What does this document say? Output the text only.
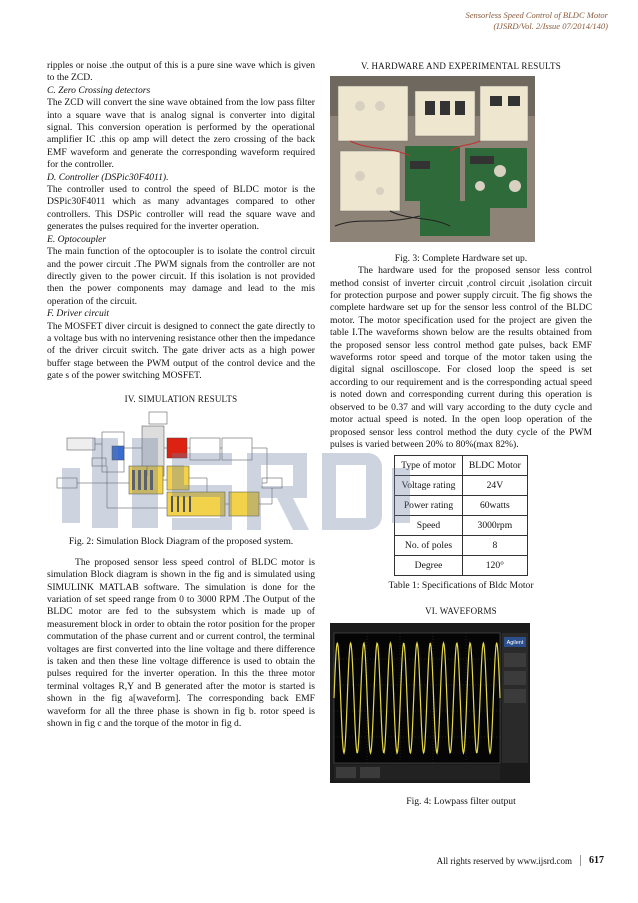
Sensorless Speed Control of BLDC Motor
(IJSRD/Vol. 2/Issue 07/2014/140)

ripples or noise .the output of this is a pure sine wave which is given to the ZCD.

C. Zero Crossing detectors

The ZCD will convert the sine wave obtained from the low pass filter into a square wave that is analog signal is converter into digital signal. This conversion operation is performed by the operational amplifier IC .this op amp will detect the zero crossing of the back EMF waveform and generate the corresponding waveform required for the controller.

D. Controller (DSPic30F4011).

The controller used to control the speed of BLDC motor is the DSPic30F4011 which as many advantages compared to other controllers. This DSPic controller will read the square wave and generates the pulses required for the inverter operation.

E. Optocoupler

The main function of the optocoupler is to isolate the control circuit and the power circuit .The PWM signals from the controller are not directly given to the power circuit. If this isolation is not provided then the power components may damage and lead to the mis operation of the circuit.

F. Driver circuit

The MOSFET diver circuit is designed to connect the gate directly to a voltage bus with no intervening resistance other then the impedance of the driver circuit switch. The gate driver acts as a high power buffer stage between the PWM output of the control device and the gate s of the power switching MOSFET.

IV. SIMULATION RESULTS

Fig. 2: Simulation Block Diagram of the proposed system.

The proposed sensor less speed control of BLDC motor is simulation Block diagram is shown in the fig and is simulated using SIMULINK MATLAB software. The simulation is done for the variation of set speed range from 0 to 3000 RPM .The Output of the BLDC motor are fed to the subsystem which is made up of measurement block in order to obtain the rotor position for the proper commutation of the phase current and or current control, the terminal voltages are first converted into the line voltage and there difference is taken and then these line voltage difference is used to obtain the pulses required for the inverter operation. In this the three motor terminal voltages R,Y and B generated after the motor is started is shown in the fig a[waveform]. The corresponding back EMF waveform for all the three phase is shown in fig b. rotor speed is shown in fig c and the torque of the motor in fig d.

V. HARDWARE AND EXPERIMENTAL RESULTS

Fig. 3: Complete Hardware set up.

The hardware used for the proposed sensor less control method consist of inverter circuit ,control circuit ,isolation circuit for protection purpose and power supply circuit. The fig shows the complete hardware set up for the sensor less control of the BLDC motor. The motor specification used for the project are given the table I.The waveforms shown below are the results obtained from the proposed sensor less control method gate pulses, back EMF waveforms rotor speed and torque of the motor taken using the digital signal oscilloscope. For closed loop the speed is set according to our requirement and is the corresponding actual speed is noted down and corresponding current during this operation is observed to be 0.37 and will vary according to the duty cycle and motor actual speed is noted. In the open loop operation of the proposed sensor less control method the duty cycle of the PWM pulses is varied between 20% to 80%(max 82%).

Type of motor	BLDC Motor
Voltage rating	24V
Power rating	60watts
Speed	3000rpm
No. of poles	8
Degree	120°

Table 1: Specifications of Bldc Motor

VI. WAVEFORMS

Agilent

Fig. 4: Lowpass filter output

All rights reserved by www.ijsrd.com	617
